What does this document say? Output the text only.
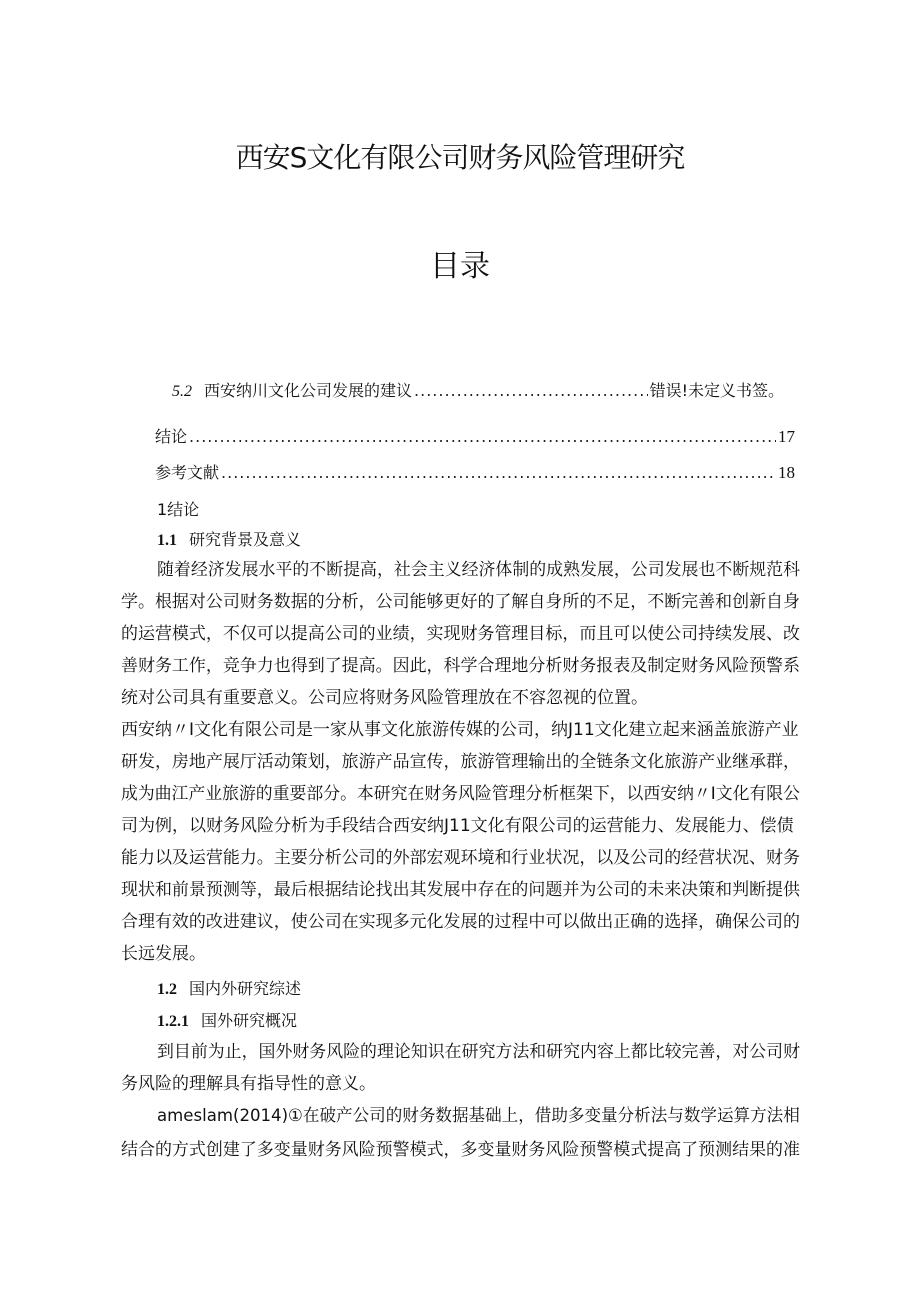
西安S文化有限公司财务风险管理研究
目录
5.2 西安纳川文化公司发展的建议 .....	错误!未定义书签。
结论 .....	17
参考文献 .....	18
1结论
1.1 研究背景及意义
随着经济发展水平的不断提高，社会主义经济体制的成熟发展，公司发展也不断规范科
学。根据对公司财务数据的分析，公司能够更好的了解自身所的不足，不断完善和创新自身
的运营模式，不仅可以提高公司的业绩，实现财务管理目标，而且可以使公司持续发展、改
善财务工作，竞争力也得到了提高。因此，科学合理地分析财务报表及制定财务风险预警系
统对公司具有重要意义。公司应将财务风险管理放在不容忽视的位置。
西安纳〃I文化有限公司是一家从事文化旅游传媒的公司，纳J11文化建立起来涵盖旅游产业
研发，房地产展厅活动策划，旅游产品宣传，旅游管理输出的全链条文化旅游产业继承群，
成为曲江产业旅游的重要部分。本研究在财务风险管理分析框架下，以西安纳〃I文化有限公
司为例，以财务风险分析为手段结合西安纳J11文化有限公司的运营能力、发展能力、偿债
能力以及运营能力。主要分析公司的外部宏观环境和行业状况，以及公司的经营状况、财务
现状和前景预测等，最后根据结论找出其发展中存在的问题并为公司的未来决策和判断提供
合理有效的改进建议，使公司在实现多元化发展的过程中可以做出正确的选择，确保公司的
长远发展。
1.2 国内外研究综述
1.2.1 国外研究概况
到目前为止，国外财务风险的理论知识在研究方法和研究内容上都比较完善，对公司财
务风险的理解具有指导性的意义。
ameslam(2014)①在破产公司的财务数据基础上，借助多变量分析法与数学运算方法相
结合的方式创建了多变量财务风险预警模式，多变量财务风险预警模式提高了预测结果的准
